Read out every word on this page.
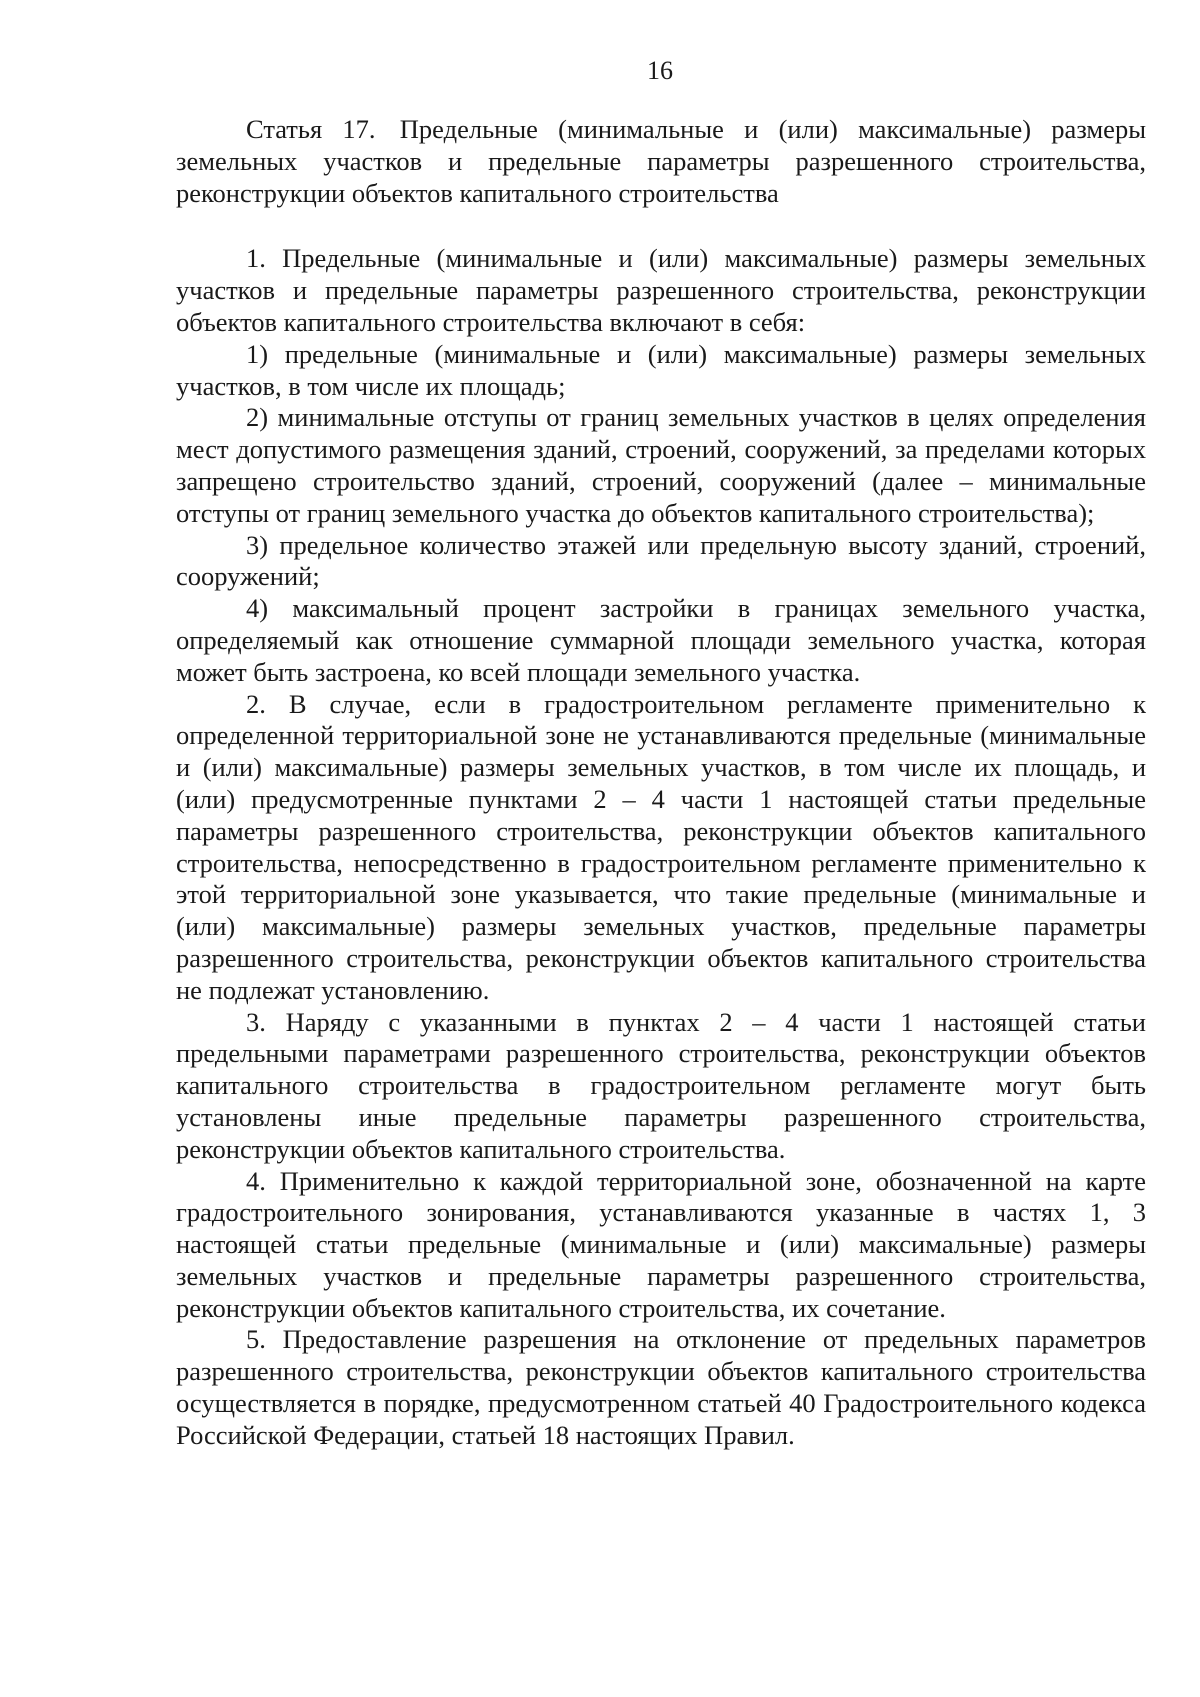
16
Статья 17. Предельные (минимальные и (или) максимальные) размеры земельных участков и предельные параметры разрешенного строительства, реконструкции объектов капитального строительства

1. Предельные (минимальные и (или) максимальные) размеры земельных участков и предельные параметры разрешенного строительства, реконструкции объектов капитального строительства включают в себя:

1) предельные (минимальные и (или) максимальные) размеры земельных участков, в том числе их площадь;

2) минимальные отступы от границ земельных участков в целях определения мест допустимого размещения зданий, строений, сооружений, за пределами которых запрещено строительство зданий, строений, сооружений (далее – минимальные отступы от границ земельного участка до объектов капитального строительства);

3) предельное количество этажей или предельную высоту зданий, строений, сооружений;

4) максимальный процент застройки в границах земельного участка, определяемый как отношение суммарной площади земельного участка, которая может быть застроена, ко всей площади земельного участка.

2. В случае, если в градостроительном регламенте применительно к определенной территориальной зоне не устанавливаются предельные (минимальные и (или) максимальные) размеры земельных участков, в том числе их площадь, и (или) предусмотренные пунктами 2 – 4 части 1 настоящей статьи предельные параметры разрешенного строительства, реконструкции объектов капитального строительства, непосредственно в градостроительном регламенте применительно к этой территориальной зоне указывается, что такие предельные (минимальные и (или) максимальные) размеры земельных участков, предельные параметры разрешенного строительства, реконструкции объектов капитального строительства не подлежат установлению.

3. Наряду с указанными в пунктах 2 – 4 части 1 настоящей статьи предельными параметрами разрешенного строительства, реконструкции объектов капитального строительства в градостроительном регламенте могут быть установлены иные предельные параметры разрешенного строительства, реконструкции объектов капитального строительства.

4. Применительно к каждой территориальной зоне, обозначенной на карте градостроительного зонирования, устанавливаются указанные в частях 1, 3 настоящей статьи предельные (минимальные и (или) максимальные) размеры земельных участков и предельные параметры разрешенного строительства, реконструкции объектов капитального строительства, их сочетание.

5. Предоставление разрешения на отклонение от предельных параметров разрешенного строительства, реконструкции объектов капитального строительства осуществляется в порядке, предусмотренном статьей 40 Градостроительного кодекса Российской Федерации, статьей 18 настоящих Правил.
